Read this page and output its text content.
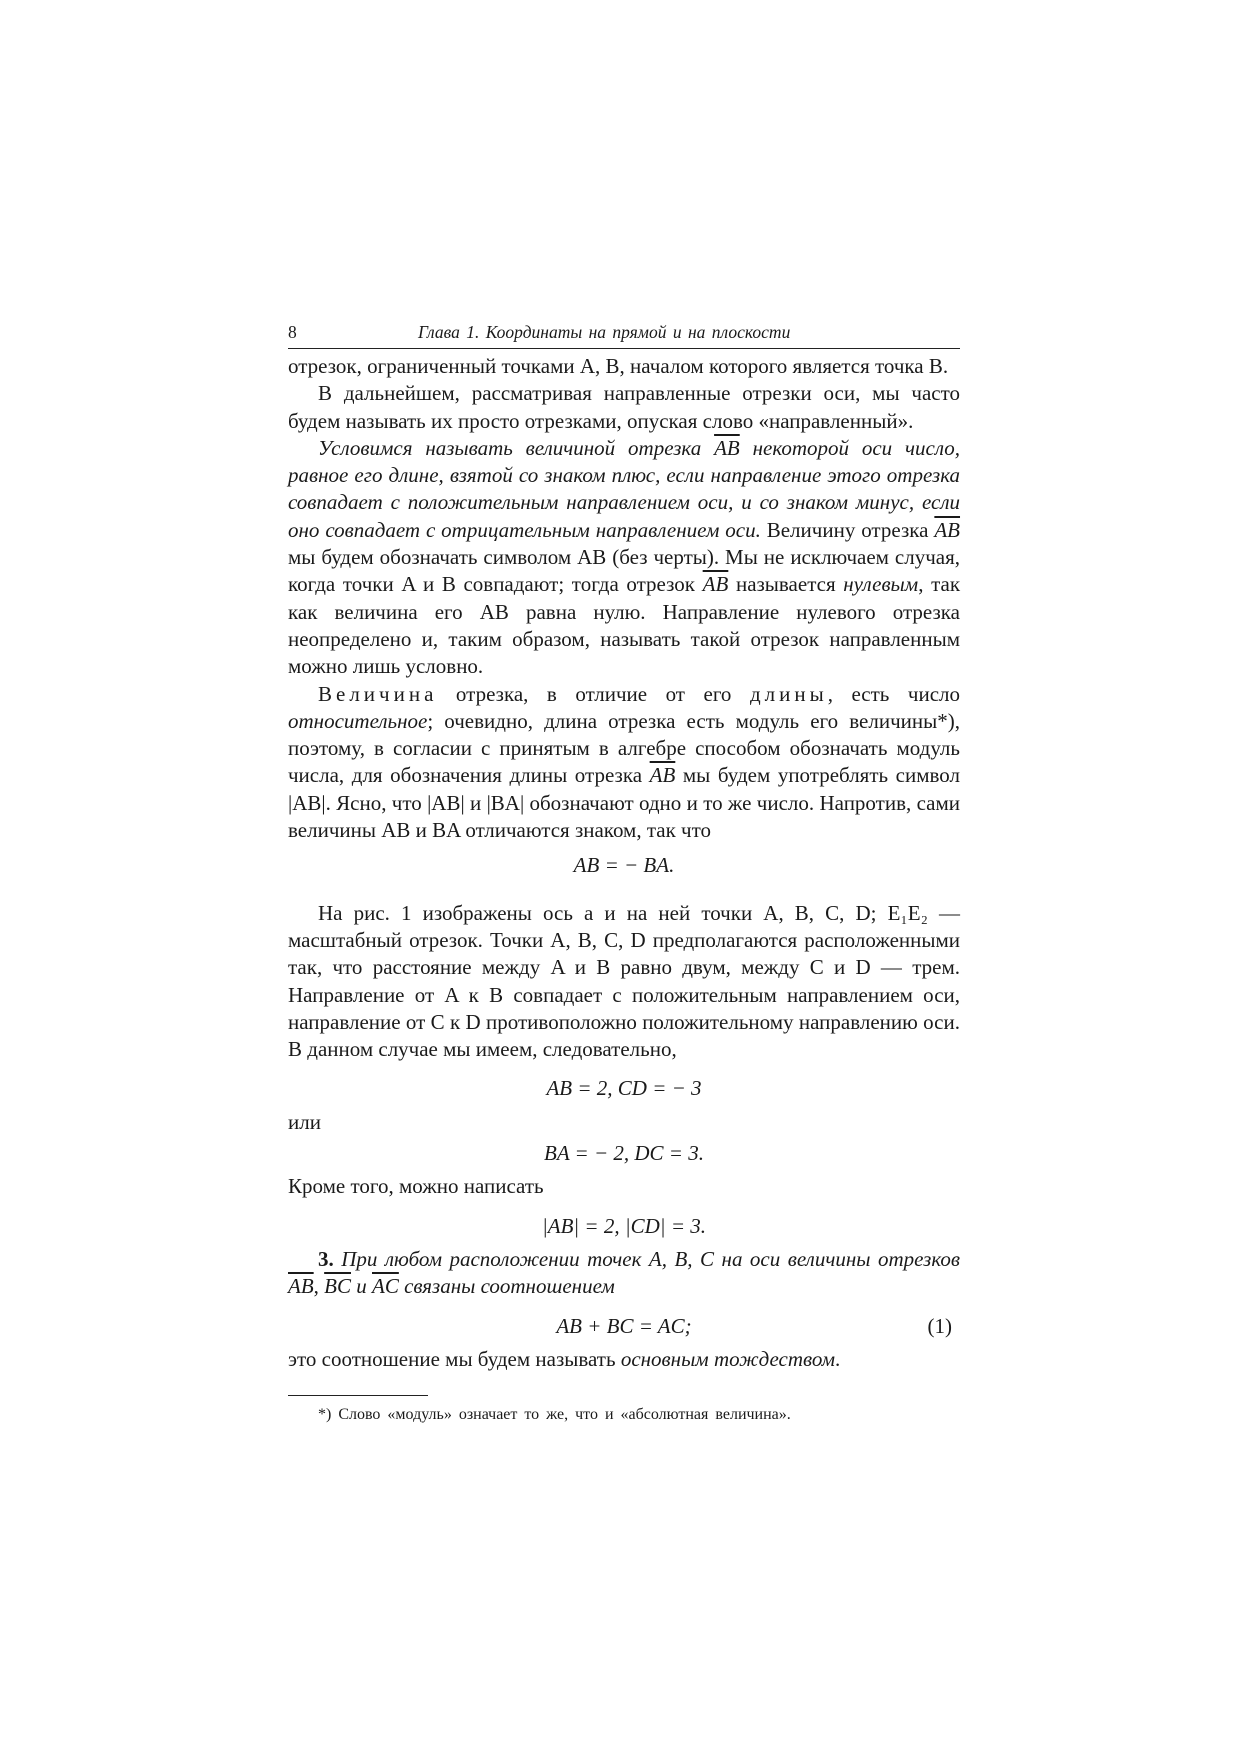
8	Глава 1. Координаты на прямой и на плоскости

отрезок, ограниченный точками A, B, началом которого является точка B.

В дальнейшем, рассматривая направленные отрезки оси, мы часто будем называть их просто отрезками, опуская слово «направленный».

Условимся называть величиной отрезка $\overline{AB}$ некоторой оси число, равное его длине, взятой со знаком плюс, если направление этого отрезка совпадает с положительным направлением оси, и со знаком минус, если оно совпадает с отрицательным направлением оси. Величину отрезка $\overline{AB}$ мы будем обозначать символом AB (без черты). Мы не исключаем случая, когда точки A и B совпадают; тогда отрезок $\overline{AB}$ называется нулевым, так как величина его AB равна нулю. Направление нулевого отрезка неопределено и, таким образом, называть такой отрезок направленным можно лишь условно.

Величина отрезка, в отличие от его длины, есть число относительное; очевидно, длина отрезка есть модуль его величины*), поэтому, в согласии с принятым в алгебре способом обозначать модуль числа, для обозначения длины отрезка $\overline{AB}$ мы будем употреблять символ |AB|. Ясно, что |AB| и |BA| обозначают одно и то же число. Напротив, сами величины AB и BA отличаются знаком, так что

AB = − BA.

На рис. 1 изображены ось a и на ней точки A, B, C, D; E₁E₂ — масштабный отрезок. Точки A, B, C, D предполагаются расположенными так, что расстояние между A и B равно двум, между C и D — трем. Направление от A к B совпадает с положительным направлением оси, направление от C к D противоположно положительному направлению оси. В данном случае мы имеем, следовательно,

AB = 2, CD = − 3

или

BA = − 2, DC = 3.

Кроме того, можно написать

|AB| = 2, |CD| = 3.

3. При любом расположении точек A, B, C на оси величины отрезков $\overline{AB}$, $\overline{BC}$ и $\overline{AC}$ связаны соотношением

AB + BC = AC;	(1)

это соотношение мы будем называть основным тождеством.

*) Слово «модуль» означает то же, что и «абсолютная величина».
